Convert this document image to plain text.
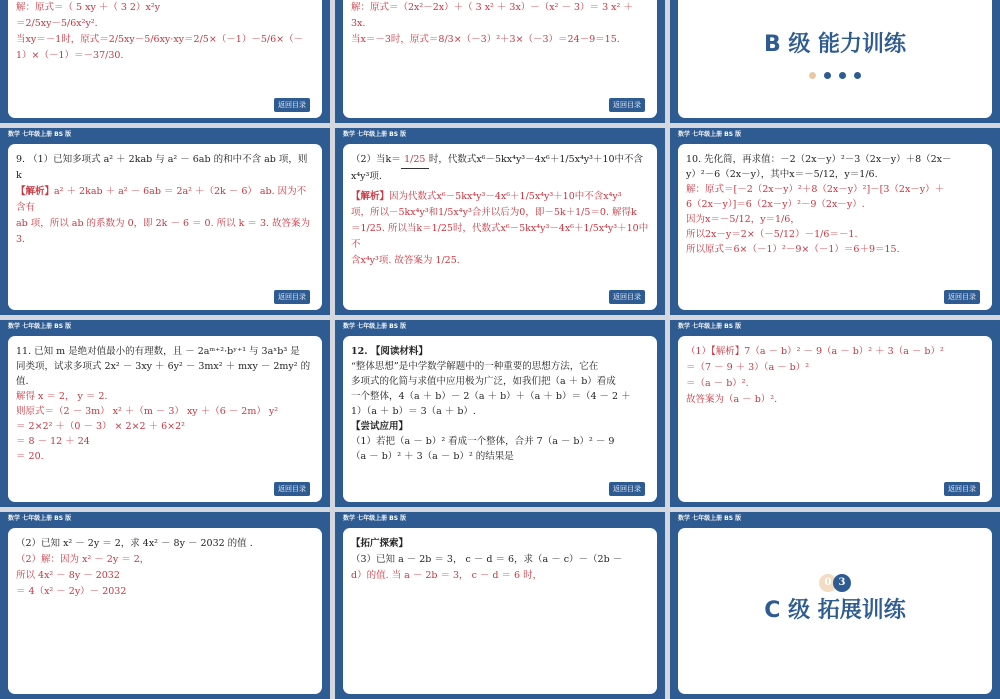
解：原式＝（ 5 xy ＋（ 3 2）x²y

＝2/5xy－5/6x²y².

当xy＝－1时，原式＝2/5xy－5/6xy·xy＝2/5×（－1）－5/6×（－

1）×（－1）＝－37/30.

返回目录

解：原式＝（2x²－2x）＋（ 3 x² ＋ 3x）－（x² － 3）＝ 3 x² ＋

3x.

当x＝－3时，原式＝8/3×（－3）²＋3×（－3）＝24－9＝15.

返回目录
B 级 能力训练
数学 七年级上册 BS 版

9. （1）已知多项式 a² ＋ 2kab 与 a² － 6ab 的和中不含 ab 项，则 k

【解析】a² ＋ 2kab ＋ a² － 6ab ＝ 2a² ＋（2k － 6） ab. 因为不含有

ab 项，所以 ab 的系数为 0，即 2k － 6 ＝ 0. 所以 k ＝ 3. 故答案为 3.

返回目录
数学 七年级上册 BS 版

（2）当k＝ 1/25 时，代数式x⁶－5kx⁴y³－4x⁶＋1/5x⁴y³＋10中不含x⁴y³项.

【解析】因为代数式x⁶－5kx⁴y³－4x⁶＋1/5x⁴y³＋10中不含x⁴y³

项，所以－5kx⁴y³和1/5x⁴y³合并以后为0，即－5k＋1/5＝0. 解得k

＝1/25. 所以当k＝1/25时，代数式x⁶－5kx⁴y³－4x⁶＋1/5x⁴y³＋10中不

含x⁴y³项. 故答案为 1/25.

返回目录
数学 七年级上册 BS 版

10. 先化简，再求值：－2（2x－y）²－3（2x－y）＋8（2x－

y）²－6（2x－y），其中x＝－5/12，y＝1/6.

解：原式＝[－2（2x－y）²＋8（2x－y）²]－[3（2x－y）＋

6（2x－y）]＝6（2x－y）²－9（2x－y）.

因为x＝－5/12，y＝1/6，

所以2x－y＝2×（－5/12）－1/6＝－1.

所以原式＝6×（－1）²－9×（－1）＝6＋9＝15.

返回目录
数学 七年级上册 BS 版

11. 已知 m 是绝对值最小的有理数，且 － 2aᵐ⁺²·bʸ⁺¹ 与 3aˣb³ 是

同类项，试求多项式 2x² － 3xy ＋ 6y² － 3mx² ＋ mxy － 2my² 的值.

解得 x ＝ 2， y ＝ 2.

则原式＝（2 － 3m） x² ＋（m － 3） xy ＋（6 － 2m） y²

＝ 2×2² ＋（0 － 3） × 2×2 ＋ 6×2²

＝ 8 － 12 ＋ 24

＝ 20.

返回目录
数学 七年级上册 BS 版

12. 【阅读材料】

“整体思想”是中学数学解题中的一种重要的思想方法，它在

多项式的化简与求值中应用极为广泛，如我们把（a ＋ b）看成

一个整体，4（a ＋ b）－ 2（a ＋ b）＋（a ＋ b）＝（4 － 2 ＋

1）（a ＋ b）＝ 3（a ＋ b）.

【尝试应用】

（1）若把（a － b）² 看成一个整体，合并 7（a － b）² － 9

（a － b）² ＋ 3（a － b）² 的结果是

返回目录
数学 七年级上册 BS 版

（1）【解析】7（a － b）² － 9（a － b）² ＋ 3（a － b）²

＝（7 － 9 ＋ 3）（a － b）²

＝（a － b）².

故答案为（a － b）².

返回目录
数学 七年级上册 BS 版

（2）已知 x² － 2y ＝ 2，求 4x² － 8y － 2032 的值 .

（2）解：因为 x² － 2y ＝ 2，

所以 4x² － 8y － 2032

＝ 4（x² － 2y）－ 2032

数学 七年级上册 BS 版

【拓广探索】

（3）已知 a － 2b ＝ 3， c － d ＝ 6，求（a － c）－（2b －

d）的值. 当 a － 2b ＝ 3， c － d ＝ 6 时，

数学 七年级上册 BS 版
0 3
C 级 拓展训练
